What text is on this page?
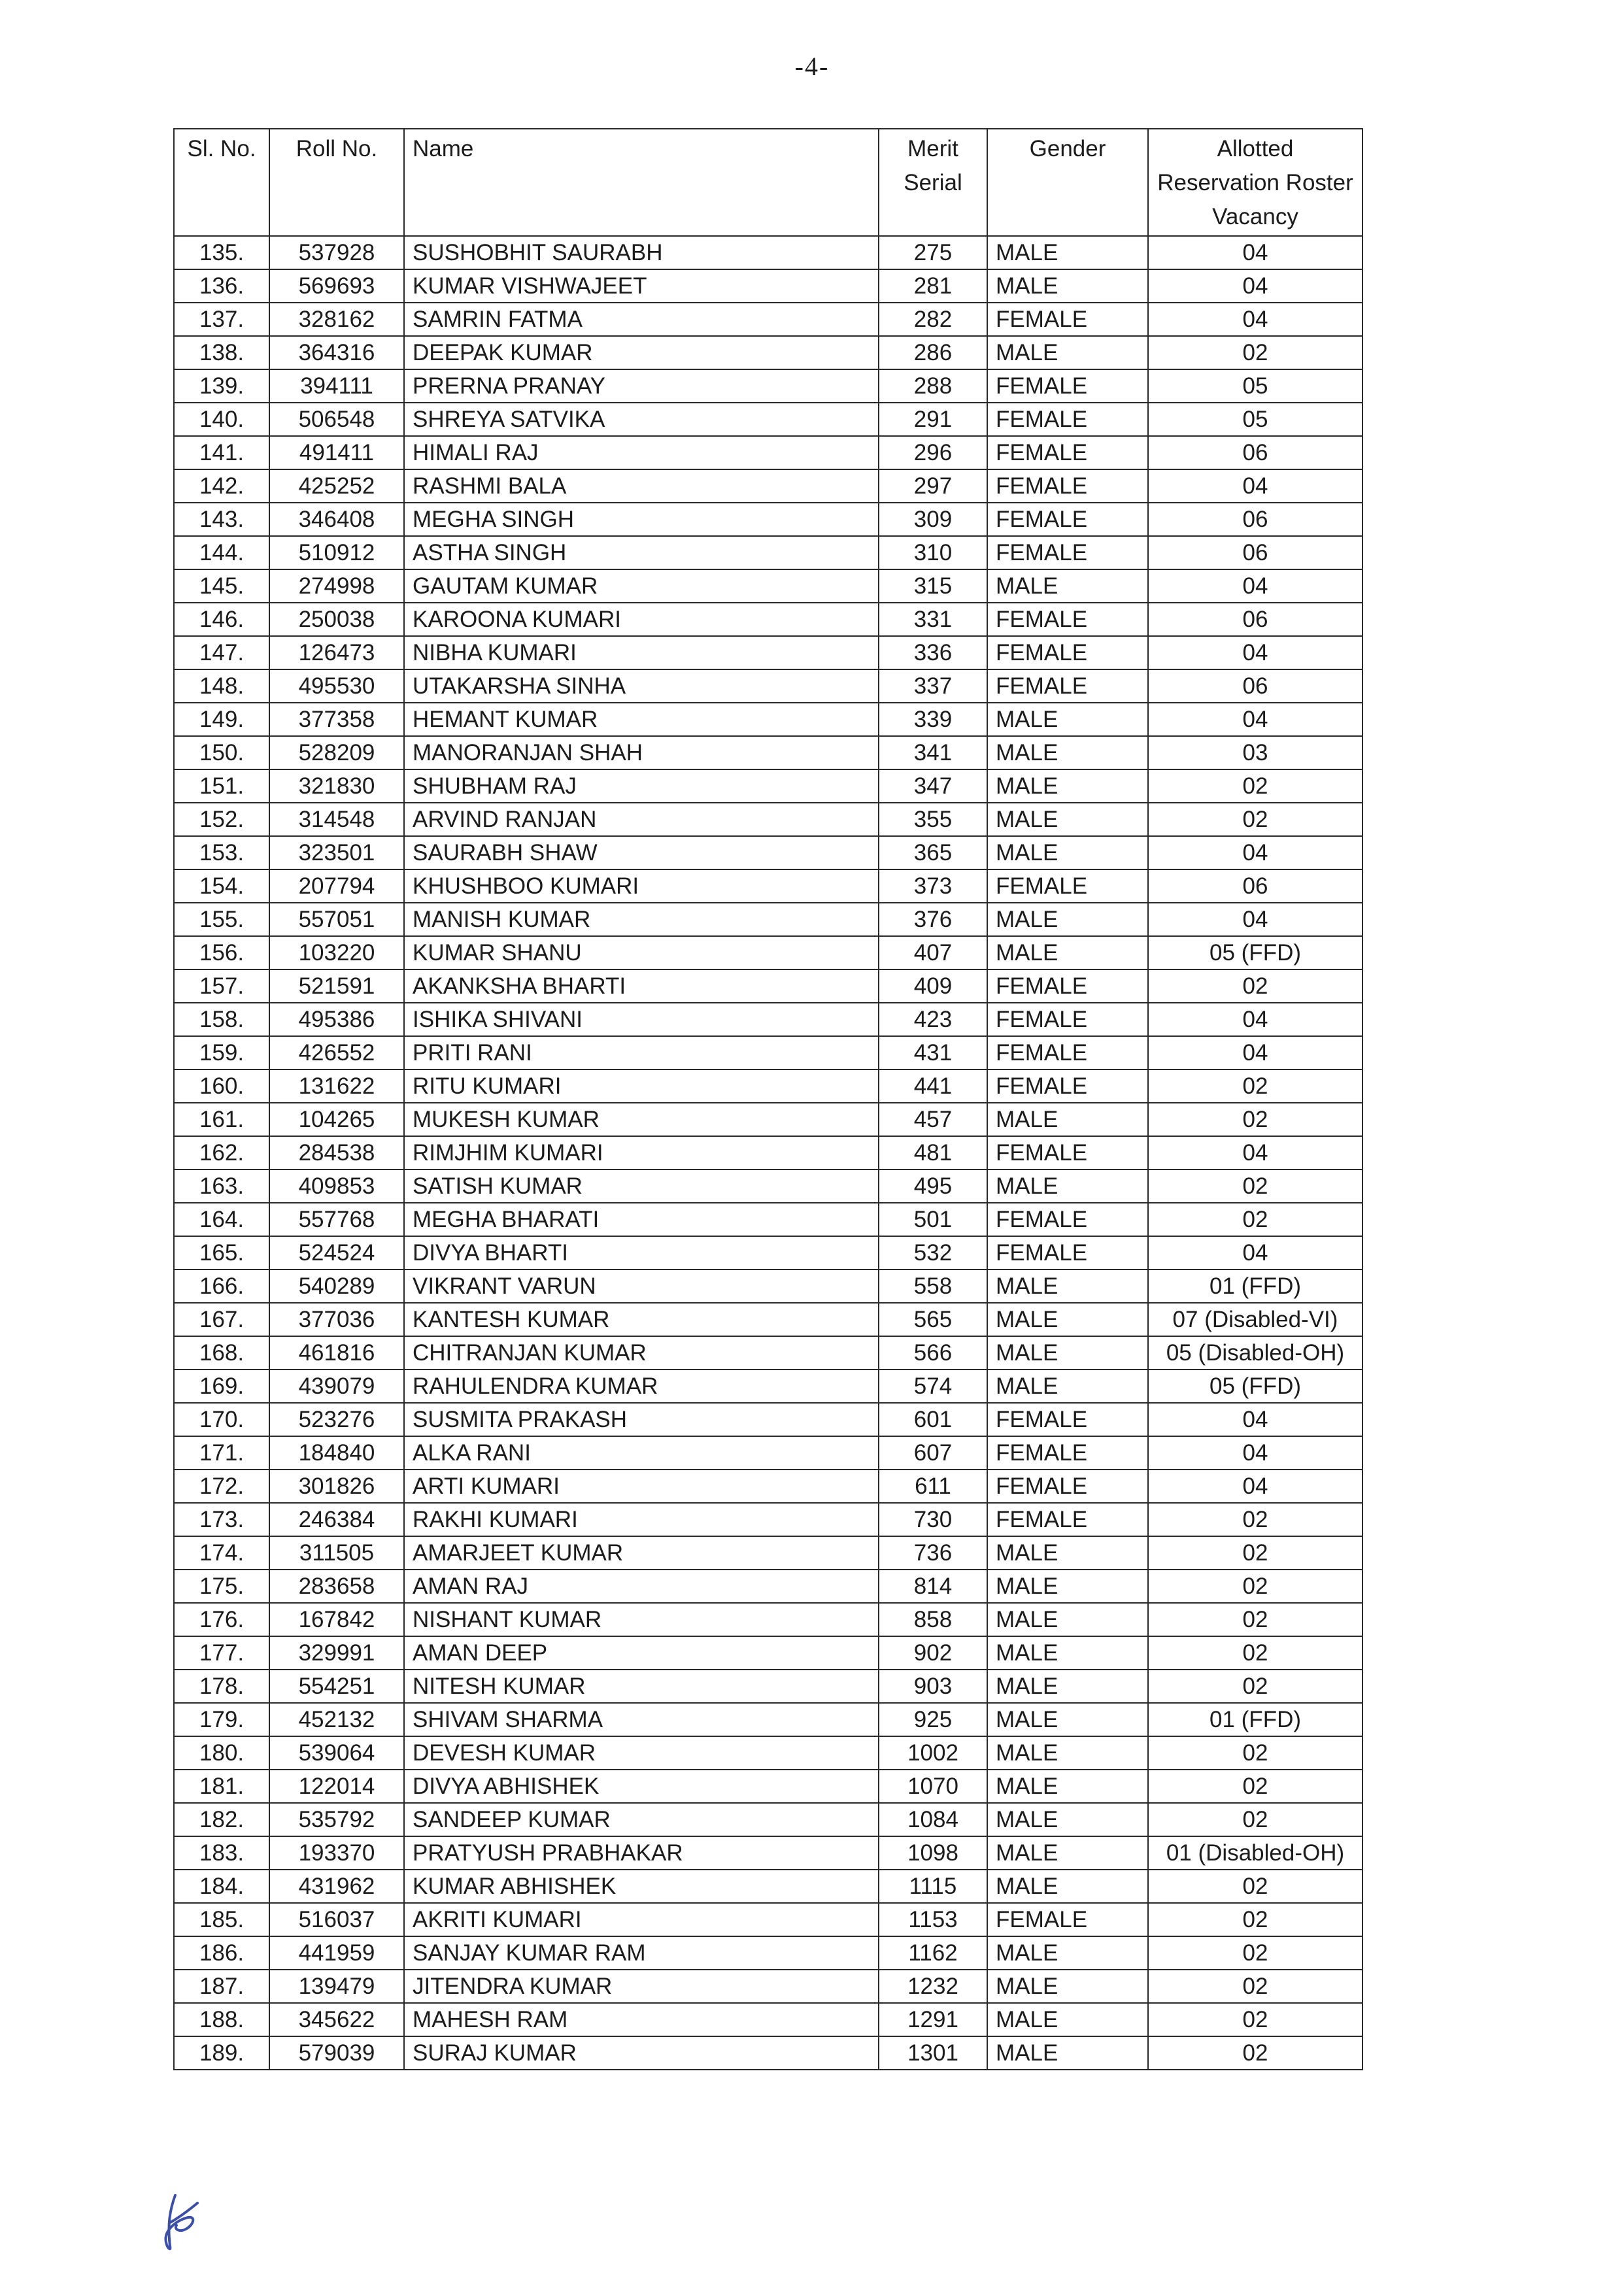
-4-
Sl. No.	Roll No.	Name	Merit Serial	Gender	Allotted Reservation Roster Vacancy
135.	537928	SUSHOBHIT SAURABH	275	MALE	04
136.	569693	KUMAR VISHWAJEET	281	MALE	04
137.	328162	SAMRIN FATMA	282	FEMALE	04
138.	364316	DEEPAK KUMAR	286	MALE	02
139.	394111	PRERNA PRANAY	288	FEMALE	05
140.	506548	SHREYA SATVIKA	291	FEMALE	05
141.	491411	HIMALI RAJ	296	FEMALE	06
142.	425252	RASHMI BALA	297	FEMALE	04
143.	346408	MEGHA SINGH	309	FEMALE	06
144.	510912	ASTHA SINGH	310	FEMALE	06
145.	274998	GAUTAM KUMAR	315	MALE	04
146.	250038	KAROONA KUMARI	331	FEMALE	06
147.	126473	NIBHA KUMARI	336	FEMALE	04
148.	495530	UTAKARSHA SINHA	337	FEMALE	06
149.	377358	HEMANT KUMAR	339	MALE	04
150.	528209	MANORANJAN SHAH	341	MALE	03
151.	321830	SHUBHAM RAJ	347	MALE	02
152.	314548	ARVIND RANJAN	355	MALE	02
153.	323501	SAURABH SHAW	365	MALE	04
154.	207794	KHUSHBOO KUMARI	373	FEMALE	06
155.	557051	MANISH KUMAR	376	MALE	04
156.	103220	KUMAR SHANU	407	MALE	05 (FFD)
157.	521591	AKANKSHA BHARTI	409	FEMALE	02
158.	495386	ISHIKA SHIVANI	423	FEMALE	04
159.	426552	PRITI RANI	431	FEMALE	04
160.	131622	RITU KUMARI	441	FEMALE	02
161.	104265	MUKESH KUMAR	457	MALE	02
162.	284538	RIMJHIM KUMARI	481	FEMALE	04
163.	409853	SATISH KUMAR	495	MALE	02
164.	557768	MEGHA BHARATI	501	FEMALE	02
165.	524524	DIVYA BHARTI	532	FEMALE	04
166.	540289	VIKRANT VARUN	558	MALE	01 (FFD)
167.	377036	KANTESH KUMAR	565	MALE	07 (Disabled-VI)
168.	461816	CHITRANJAN KUMAR	566	MALE	05 (Disabled-OH)
169.	439079	RAHULENDRA KUMAR	574	MALE	05 (FFD)
170.	523276	SUSMITA PRAKASH	601	FEMALE	04
171.	184840	ALKA RANI	607	FEMALE	04
172.	301826	ARTI KUMARI	611	FEMALE	04
173.	246384	RAKHI KUMARI	730	FEMALE	02
174.	311505	AMARJEET KUMAR	736	MALE	02
175.	283658	AMAN RAJ	814	MALE	02
176.	167842	NISHANT KUMAR	858	MALE	02
177.	329991	AMAN DEEP	902	MALE	02
178.	554251	NITESH KUMAR	903	MALE	02
179.	452132	SHIVAM SHARMA	925	MALE	01 (FFD)
180.	539064	DEVESH KUMAR	1002	MALE	02
181.	122014	DIVYA ABHISHEK	1070	MALE	02
182.	535792	SANDEEP KUMAR	1084	MALE	02
183.	193370	PRATYUSH PRABHAKAR	1098	MALE	01 (Disabled-OH)
184.	431962	KUMAR ABHISHEK	1115	MALE	02
185.	516037	AKRITI KUMARI	1153	FEMALE	02
186.	441959	SANJAY KUMAR RAM	1162	MALE	02
187.	139479	JITENDRA KUMAR	1232	MALE	02
188.	345622	MAHESH RAM	1291	MALE	02
189.	579039	SURAJ KUMAR	1301	MALE	02
